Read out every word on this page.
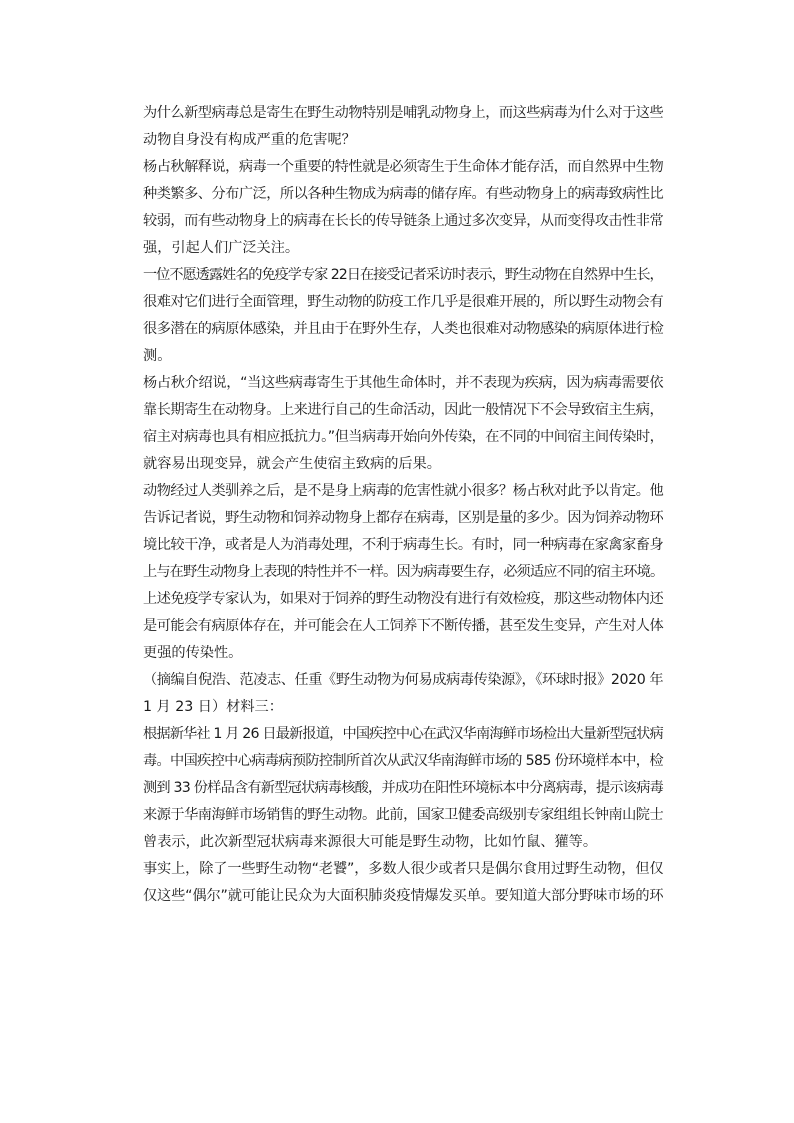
为什么新型病毒总是寄生在野生动物特别是哺乳动物身上，而这些病毒为什么对于这些
动物自身没有构成严重的危害呢？
杨占秋解释说，病毒一个重要的特性就是必须寄生于生命体才能存活，而自然界中生物
种类繁多、分布广泛，所以各种生物成为病毒的储存库。有些动物身上的病毒致病性比
较弱，而有些动物身上的病毒在长长的传导链条上通过多次变异，从而变得攻击性非常
强，引起人们广泛关注。
一位不愿透露姓名的免疫学专家 22日在接受记者采访时表示，野生动物在自然界中生长，
很难对它们进行全面管理，野生动物的防疫工作几乎是很难开展的，所以野生动物会有
很多潜在的病原体感染，并且由于在野外生存，人类也很难对动物感染的病原体进行检
测。
杨占秋介绍说，“当这些病毒寄生于其他生命体时，并不表现为疾病，因为病毒需要依
靠长期寄生在动物身。上来进行自己的生命活动，因此一般情况下不会导致宿主生病，
宿主对病毒也具有相应抵抗力。”但当病毒开始向外传染，在不同的中间宿主间传染时，
就容易出现变异，就会产生使宿主致病的后果。
动物经过人类驯养之后，是不是身上病毒的危害性就小很多？杨占秋对此予以肯定。他
告诉记者说，野生动物和饲养动物身上都存在病毒，区别是量的多少。因为饲养动物环
境比较干净，或者是人为消毒处理，不利于病毒生长。有时，同一种病毒在家禽家畜身
上与在野生动物身上表现的特性并不一样。因为病毒要生存，必须适应不同的宿主环境。
上述免疫学专家认为，如果对于饲养的野生动物没有进行有效检疫，那这些动物体内还
是可能会有病原体存在，并可能会在人工饲养下不断传播，甚至发生变异，产生对人体
更强的传染性。
（摘编自倪浩、范凌志、任重《野生动物为何易成病毒传染源》，《环球时报》2020 年
1 月 23 日）材料三：
根据新华社 1 月 26 日最新报道，中国疾控中心在武汉华南海鲜市场检出大量新型冠状病
毒。中国疾控中心病毒病预防控制所首次从武汉华南海鲜市场的 585 份环境样本中，检
测到 33 份样品含有新型冠状病毒核酸，并成功在阳性环境标本中分离病毒，提示该病毒
来源于华南海鲜市场销售的野生动物。此前，国家卫健委高级别专家组组长钟南山院士
曾表示，此次新型冠状病毒来源很大可能是野生动物，比如竹鼠、獾等。
事实上，除了一些野生动物“老饕”，多数人很少或者只是偶尔食用过野生动物，但仅
仅这些“偶尔”就可能让民众为大面积肺炎疫情爆发买单。要知道大部分野味市场的环
